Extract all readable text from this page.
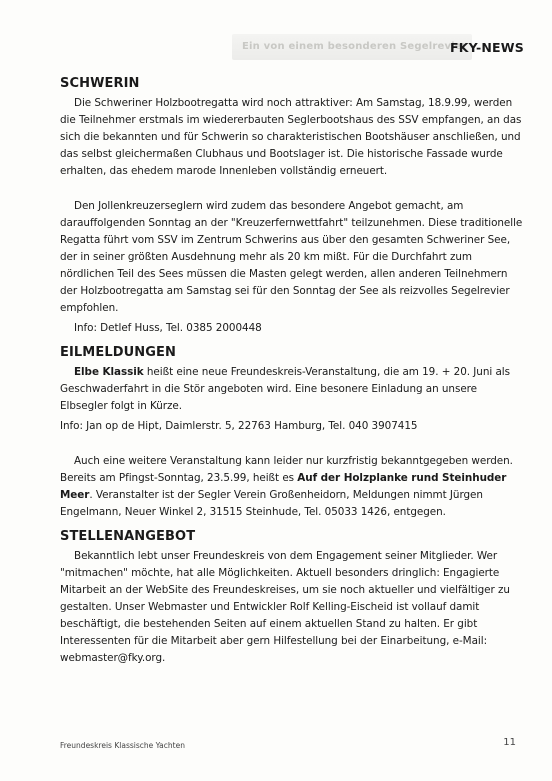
Ein von einem besonderen Segelrevier
FKY-NEWS
SCHWERIN

Die Schweriner Holzbootregatta wird noch attraktiver: Am Samstag, 18.9.99, werden die Teilnehmer erstmals im wiedererbauten Seglerbootshaus des SSV empfangen, an das sich die bekannten und für Schwerin so charakteristischen Bootshäuser anschließen, und das selbst gleichermaßen Clubhaus und Bootslager ist. Die historische Fassade wurde erhalten, das ehedem marode Innenleben vollständig erneuert.

Den Jollenkreuzerseglern wird zudem das besondere Angebot gemacht, am darauffolgenden Sonntag an der "Kreuzerfernwettfahrt" teilzunehmen. Diese traditionelle Regatta führt vom SSV im Zentrum Schwerins aus über den gesamten Schweriner See, der in seiner größten Ausdehnung mehr als 20 km mißt. Für die Durchfahrt zum nördlichen Teil des Sees müssen die Masten gelegt werden, allen anderen Teilnehmern der Holzbootregatta am Samstag sei für den Sonntag der See als reizvolles Segelrevier empfohlen.

Info: Detlef Huss, Tel. 0385 2000448

EILMELDUNGEN

Elbe Klassik heißt eine neue Freundeskreis-Veranstaltung, die am 19. + 20. Juni als Geschwaderfahrt in die Stör angeboten wird. Eine besonere Einladung an unsere Elbsegler folgt in Kürze.

Info: Jan op de Hipt, Daimlerstr. 5, 22763 Hamburg, Tel. 040 3907415

Auch eine weitere Veranstaltung kann leider nur kurzfristig bekanntgegeben werden. Bereits am Pfingst-Sonntag, 23.5.99, heißt es Auf der Holzplanke rund Steinhuder Meer. Veranstalter ist der Segler Verein Großenheidorn, Meldungen nimmt Jürgen Engelmann, Neuer Winkel 2, 31515 Steinhude, Tel. 05033 1426, entgegen.

STELLENANGEBOT

Bekanntlich lebt unser Freundeskreis von dem Engagement seiner Mitglieder. Wer "mitmachen" möchte, hat alle Möglichkeiten. Aktuell besonders dringlich: Engagierte Mitarbeit an der WebSite des Freundeskreises, um sie noch aktueller und vielfältiger zu gestalten. Unser Webmaster und Entwickler Rolf Kelling-Eischeid ist vollauf damit beschäftigt, die bestehenden Seiten auf einem aktuellen Stand zu halten. Er gibt Interessenten für die Mitarbeit aber gern Hilfestellung bei der Einarbeitung, e-Mail: webmaster@fky.org.

Freundeskreis Klassische Yachten	11
